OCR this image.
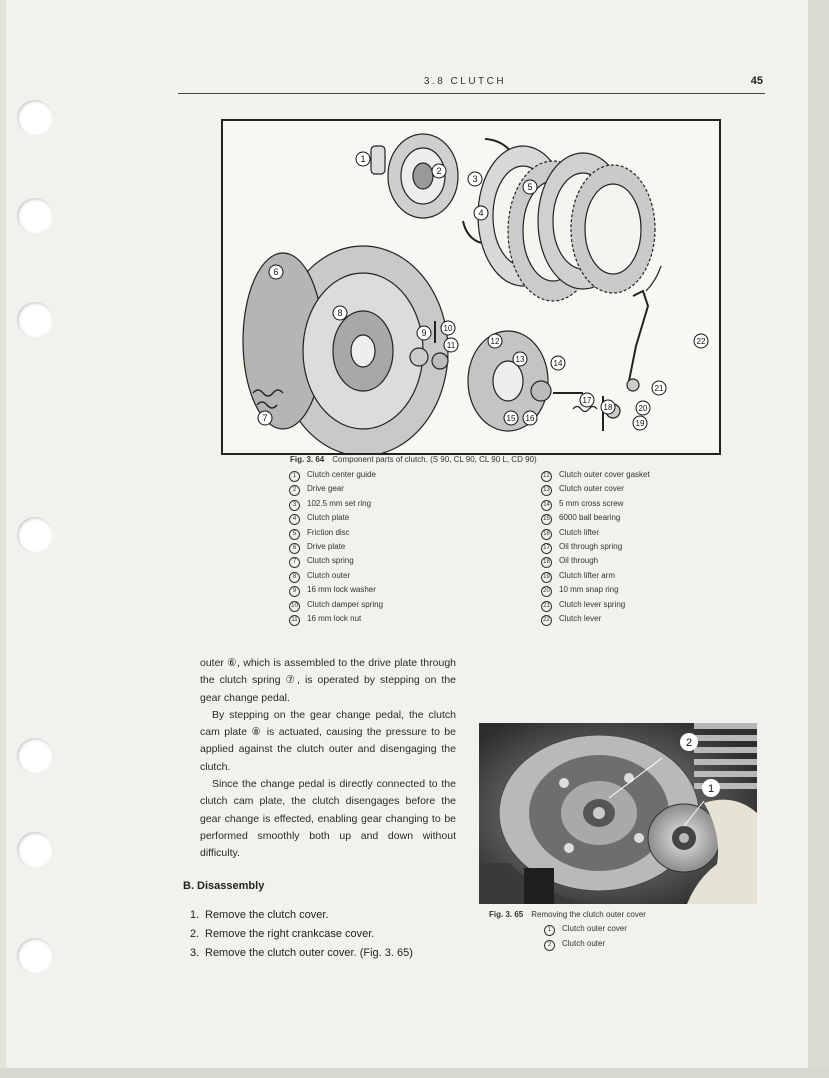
3.8 CLUTCH	45
1
2
3
4
5
6
7
8
9 10
11	12
13	14
15 16
17
18
19
20
21
22
Fig. 3. 64 Component parts of clutch. (S 90, CL 90, CL 90 L, CD 90)
1 Clutch center guide
2 Drive gear
3 102.5 mm set ring
4 Clutch plate
5 Friction disc
6 Drive plate
7 Clutch spring
8 Clutch outer
9 16 mm lock washer
10 Clutch damper spring
11 16 mm lock nut
12 Clutch outer cover gasket
13 Clutch outer cover
14 5 mm cross screw
15 6000 ball bearing
16 Clutch lifter
17 Oil through spring
18 Oil through
19 Clutch lifter arm
20 10 mm snap ring
21 Clutch lever spring
22 Clutch lever

outer ⑥, which is assembled to the drive plate through the clutch spring ⑦, is operated by stepping on the gear change pedal.

By stepping on the gear change pedal, the clutch cam plate ⑧ is actuated, causing the pressure to be applied against the clutch outer and disengaging the clutch.

Since the change pedal is directly connected to the clutch cam plate, the clutch disengages before the gear change is effected, enabling gear changing to be performed smoothly both up and down without difficulty.

2
1
Fig. 3. 65 Removing the clutch outer cover
1 Clutch outer cover
2 Clutch outer
B. Disassembly
1. Remove the clutch cover.
2. Remove the right crankcase cover.
3. Remove the clutch outer cover. (Fig. 3. 65)
